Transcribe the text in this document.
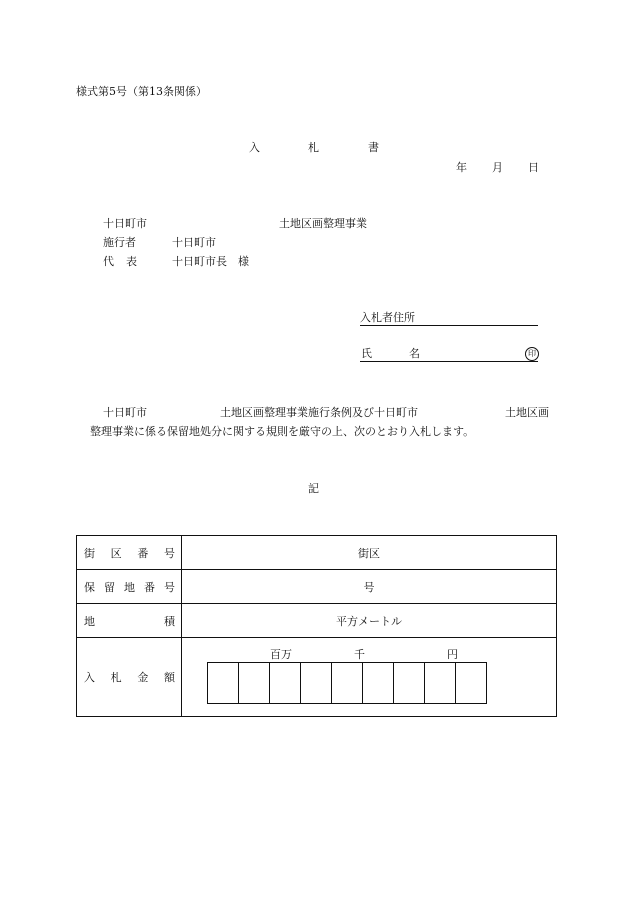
様式第5号（第13条関係）
入	札	書
年 月 日
十日町市	土地区画整理事業
施行者	十日町市
代 表	十日町市長　様
入札者住所
氏	名	印
十日町市	土地区画整理事業施行条例及び十日町市	土地区画
整理事業に係る保留地処分に関する規則を厳守の上、次のとおり入札します。
記
街 区 番 号	街区

保 留 地 番 号	号

地 積	平方メートル

入 札 金 額	百万 千 円
